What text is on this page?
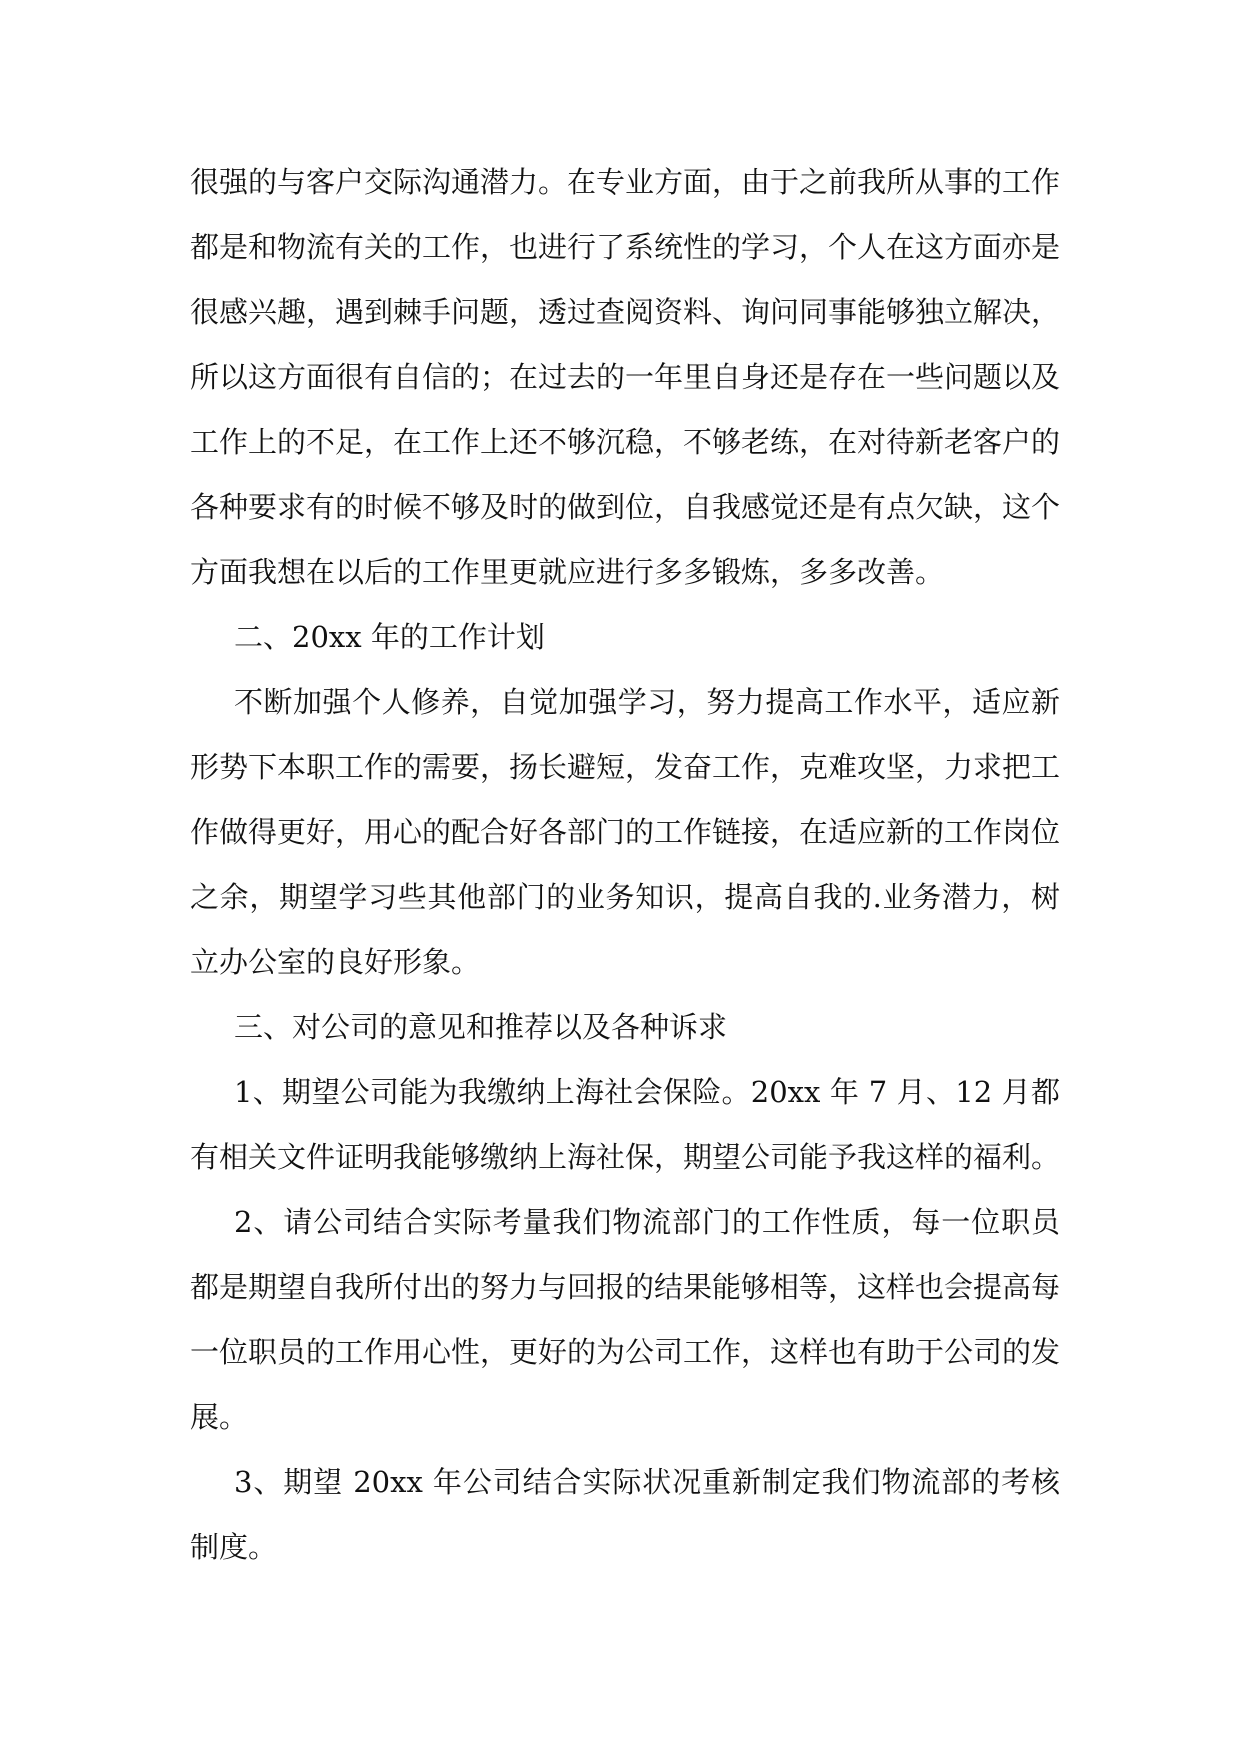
很强的与客户交际沟通潜力。在专业方面，由于之前我所从事的工作都是和物流有关的工作，也进行了系统性的学习，个人在这方面亦是很感兴趣，遇到棘手问题，透过查阅资料、询问同事能够独立解决，所以这方面很有自信的；在过去的一年里自身还是存在一些问题以及工作上的不足，在工作上还不够沉稳，不够老练，在对待新老客户的各种要求有的时候不够及时的做到位，自我感觉还是有点欠缺，这个方面我想在以后的工作里更就应进行多多锻炼，多多改善。

二、20xx 年的工作计划

不断加强个人修养，自觉加强学习，努力提高工作水平，适应新形势下本职工作的需要，扬长避短，发奋工作，克难攻坚，力求把工作做得更好，用心的配合好各部门的工作链接，在适应新的工作岗位之余，期望学习些其他部门的业务知识，提高自我的.业务潜力，树立办公室的良好形象。

三、对公司的意见和推荐以及各种诉求

1、期望公司能为我缴纳上海社会保险。20xx 年 7 月、12 月都有相关文件证明我能够缴纳上海社保，期望公司能予我这样的福利。

2、请公司结合实际考量我们物流部门的工作性质，每一位职员都是期望自我所付出的努力与回报的结果能够相等，这样也会提高每一位职员的工作用心性，更好的为公司工作，这样也有助于公司的发展。

3、期望 20xx 年公司结合实际状况重新制定我们物流部的考核制度。
